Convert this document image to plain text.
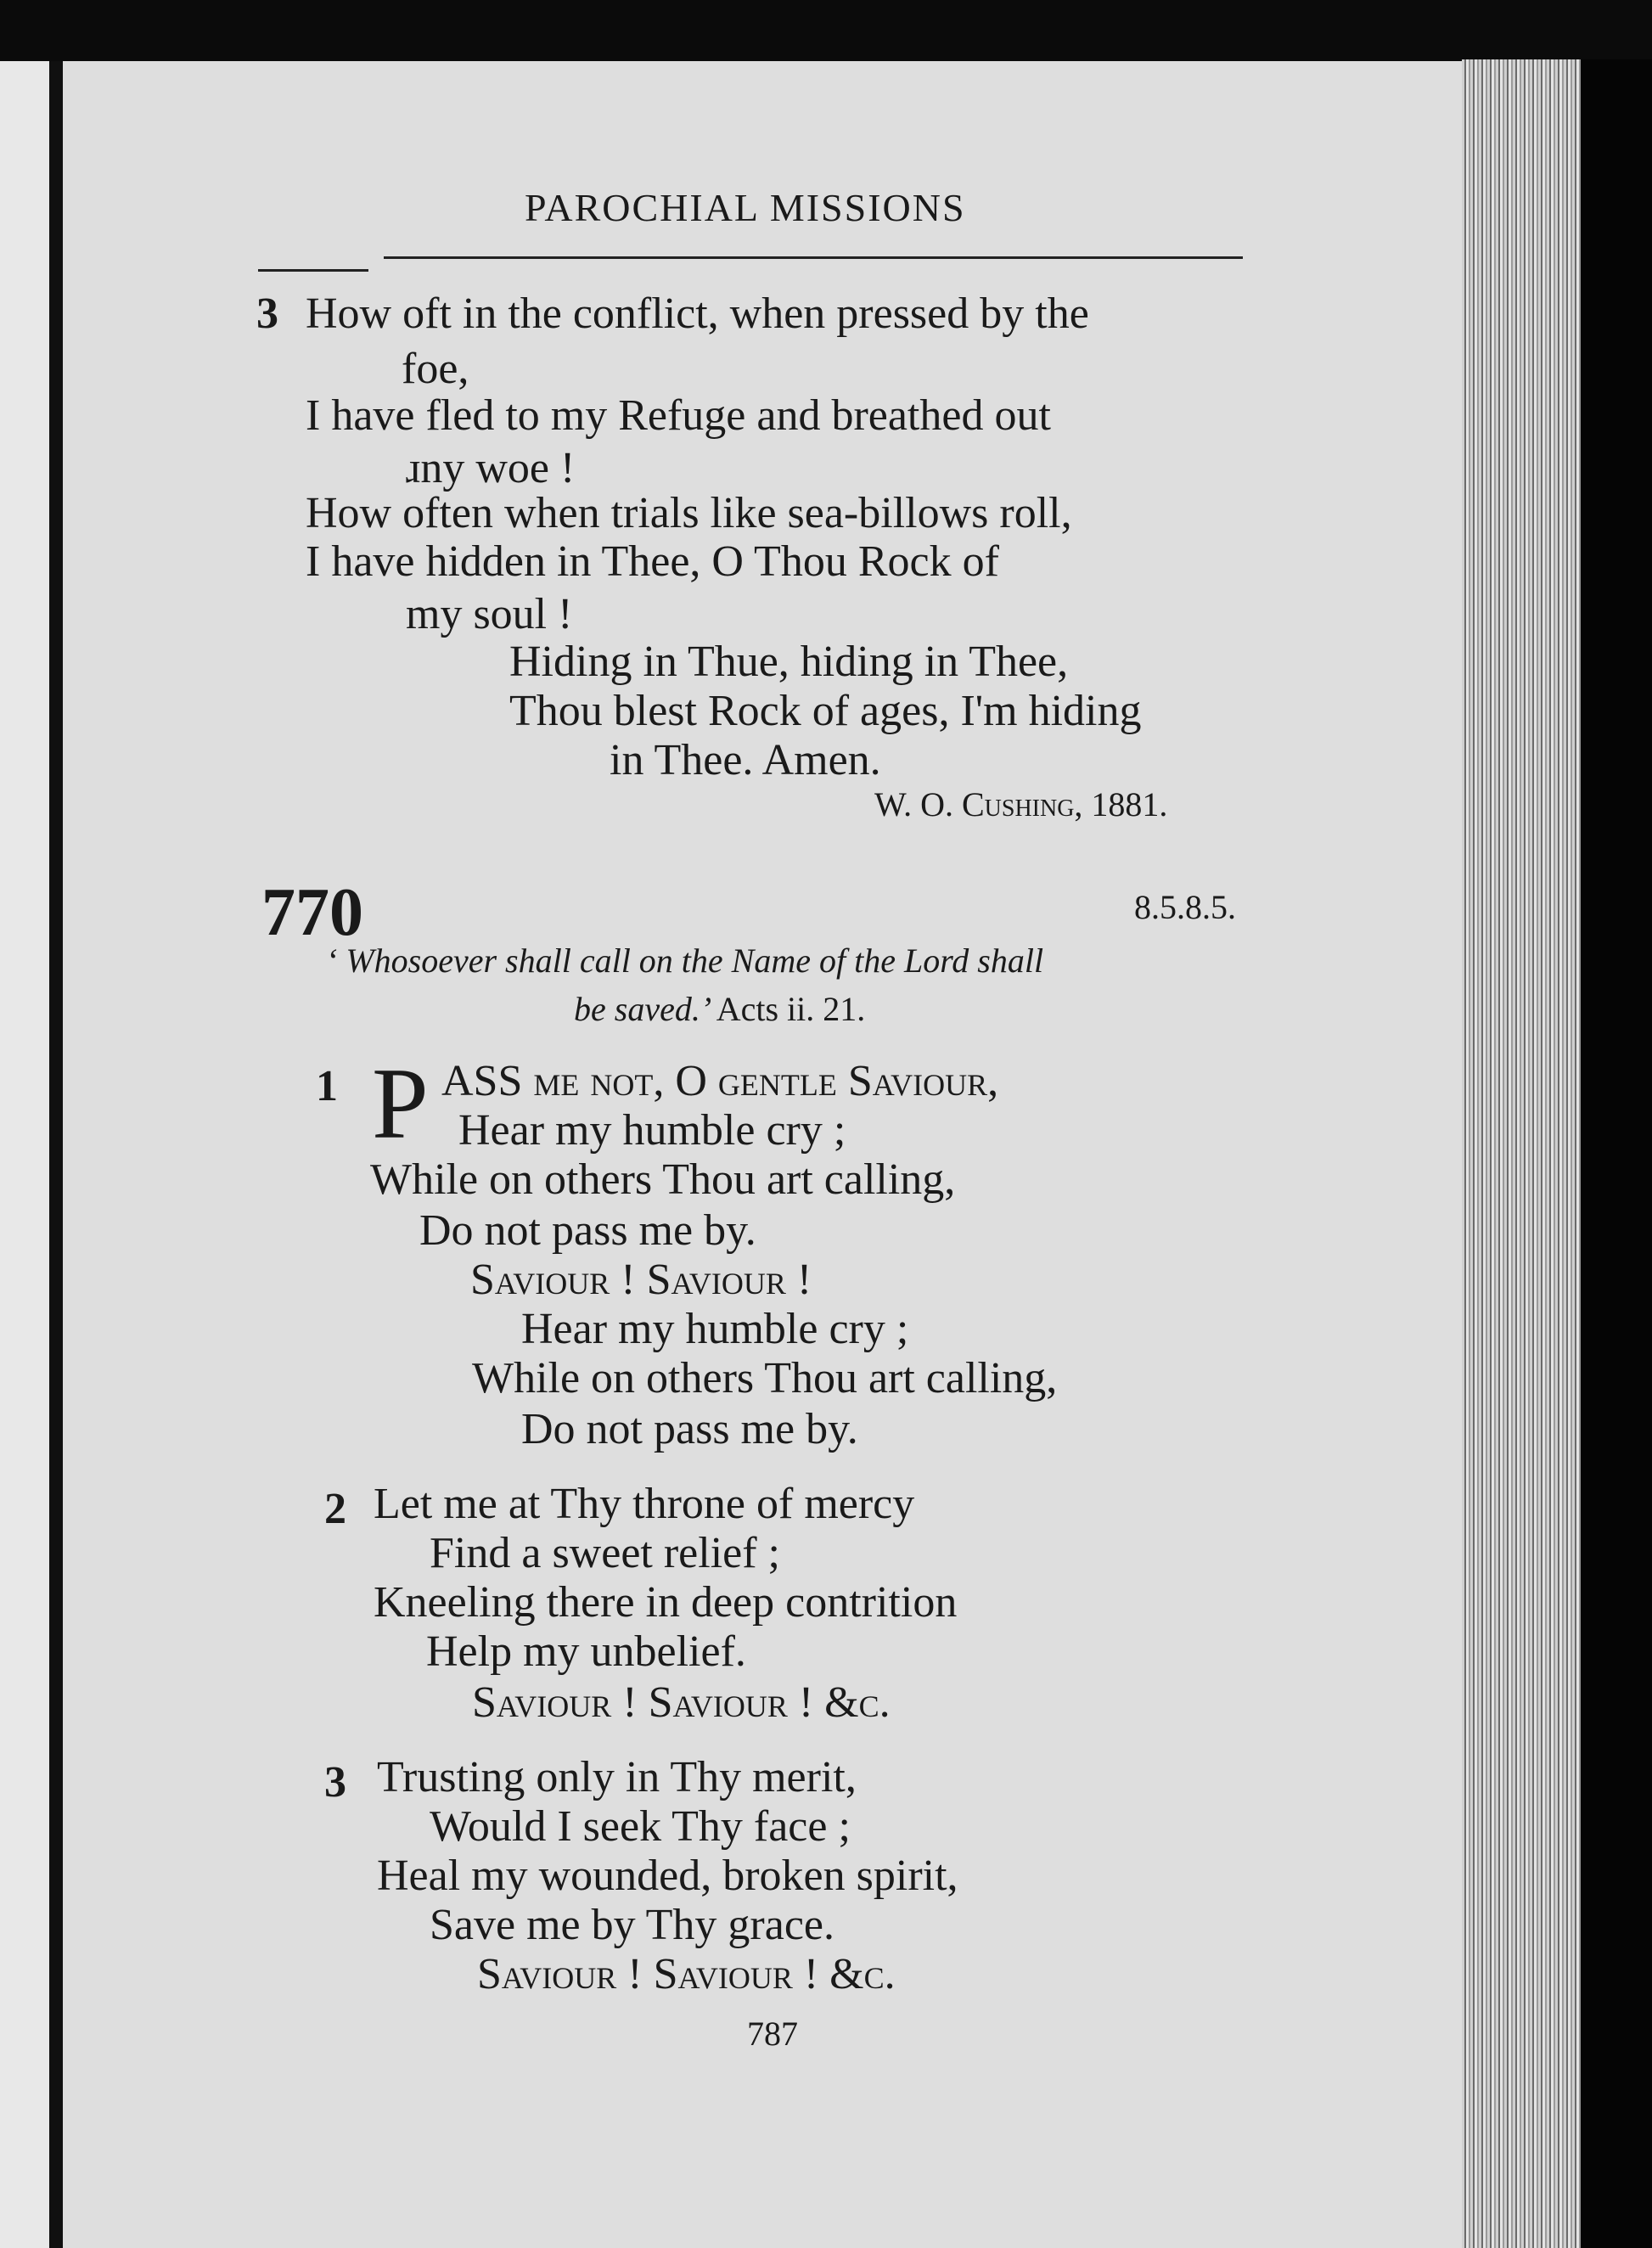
PAROCHIAL MISSIONS
3 How oft in the conflict, when pressed by the
foe,
I have fled to my Refuge and breathed out
ɹny woe !
How often when trials like sea-billows roll,
I have hidden in Thee, O Thou Rock of
my soul !
Hiding in Thue, hiding in Thee,
Thou blest Rock of ages, I'm hiding
in Thee. Amen.
W. O. Cushing, 1881.
770	8.5.8.5.
‘ Whosoever shall call on the Name of the Lord shall
be saved.’ Acts ii. 21.
1 P ASS me not, O gentle Saviour,
Hear my humble cry ;
While on others Thou art calling,
Do not pass me by.
Saviour ! Saviour !
Hear my humble cry ;
While on others Thou art calling,
Do not pass me by.
2 Let me at Thy throne of mercy
Find a sweet relief ;
Kneeling there in deep contrition
Help my unbelief.
Saviour ! Saviour ! &c.
3 Trusting only in Thy merit,
Would I seek Thy face ;
Heal my wounded, broken spirit,
Save me by Thy grace.
Saviour ! Saviour ! &c.
787
